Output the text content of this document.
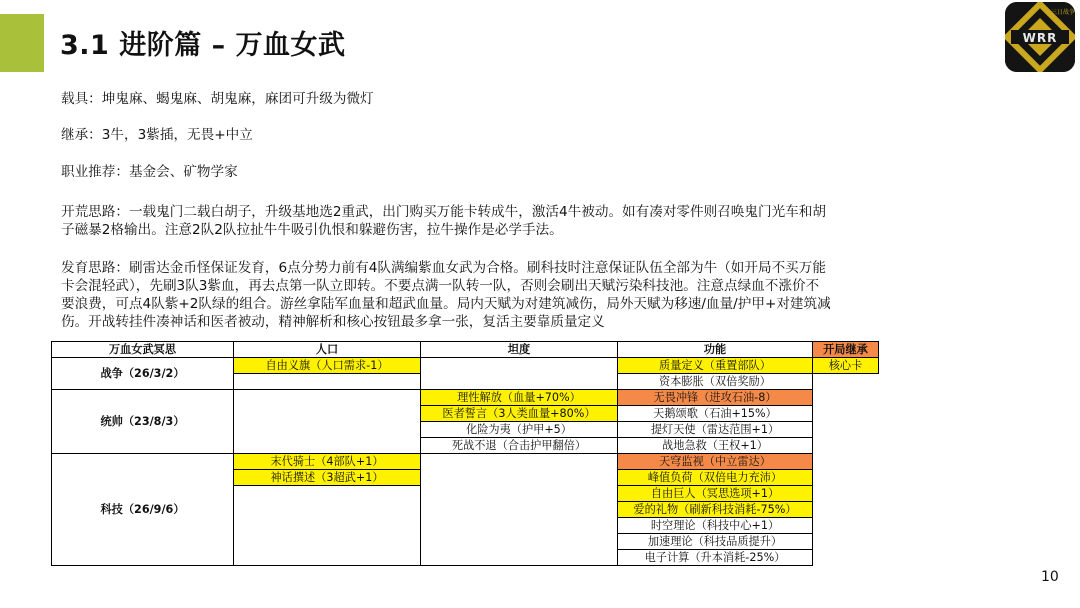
3.1 进阶篇 – 万血女武	WRR
三日战争
载具：坤鬼麻、蝎鬼麻、胡鬼麻，麻团可升级为微灯
继承：3牛，3紫插，无畏+中立
职业推荐：基金会、矿物学家
开荒思路：一载鬼门二载白胡子，升级基地选2重武，出门购买万能卡转成牛，激活4牛被动。如有凑对零件则召唤鬼门光车和胡
子磁暴2格输出。注意2队2队拉扯牛牛吸引仇恨和躲避伤害，拉牛操作是必学手法。
发育思路：刷雷达金币怪保证发育，6点分势力前有4队满编紫血女武为合格。刷科技时注意保证队伍全部为牛（如开局不买万能
卡会混轻武），先刷3队3紫血，再去点第一队立即转。不要点满一队转一队，否则会刷出天赋污染科技池。注意点绿血不涨价不
要浪费，可点4队紫+2队绿的组合。游丝拿陆军血量和超武血量。局内天赋为对建筑减伤，局外天赋为移速/血量/护甲+对建筑减
伤。开战转挂件凑神话和医者被动，精神解析和核心按钮最多拿一张，复活主要靠质量定义
万血女武冥思	人口	坦度	功能	开局继承
战争（26/3/2）	自由义旗（人口需求-1）		质量定义（重置部队）	核心卡
			资本膨胀（双倍奖励）	
统帅（23/8/3）		理性解放（血量+70%）	无畏冲锋（进攻石油-8）	
		医者誓言（3人类血量+80%）	天鹅颂歌（石油+15%）	
		化险为夷（护甲+5）	提灯天使（雷达范围+1）	
		死战不退（合击护甲翻倍）	战地急救（王权+1）	
科技（26/9/6）	末代骑士（4部队+1）		天穹监视（中立雷达）	
	神话撰述（3超武+1）		峰值负荷（双倍电力充沛）	
			自由巨人（冥思选项+1）	
			爱的礼物（刷新科技消耗-75%）	
			时空理论（科技中心+1）	
			加速理论（科技品质提升）	
			电子计算（升本消耗-25%）	
10
